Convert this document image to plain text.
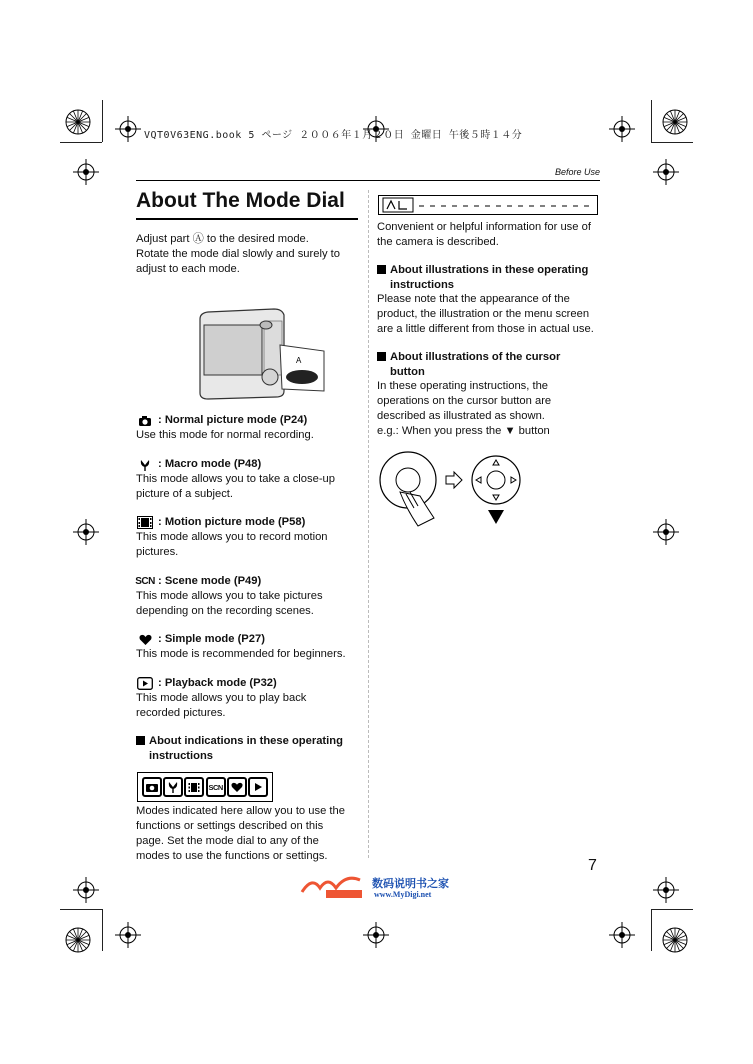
VQT0V63ENG.book 5 ページ ２００６年１月２０日 金曜日 午後５時１４分
Before Use
About The Mode Dial
Adjust part Ⓐ to the desired mode.
Rotate the mode dial slowly and surely to
adjust to each mode.
A
: Normal picture mode (P24)
Use this mode for normal recording.
: Macro mode (P48)
This mode allows you to take a close-up
picture of a subject.
: Motion picture mode (P58)
This mode allows you to record motion
pictures.
SCN : Scene mode (P49)
This mode allows you to take pictures
depending on the recording scenes.
: Simple mode (P27)
This mode is recommended for beginners.
: Playback mode (P32)
This mode allows you to play back
recorded pictures.
About indications in these operating
instructions
SCN
Modes indicated here allow you to use the
functions or settings described on this
page. Set the mode dial to any of the
modes to use the functions or settings.
Convenient or helpful information for use of
the camera is described.
About illustrations in these operating
instructions
Please note that the appearance of the
product, the illustration or the menu screen
are a little different from those in actual use.
About illustrations of the cursor
button
In these operating instructions, the
operations on the cursor button are
described as illustrated as shown.
e.g.: When you press the ▼ button
7
数码说明书之家
www.MyDigi.net
